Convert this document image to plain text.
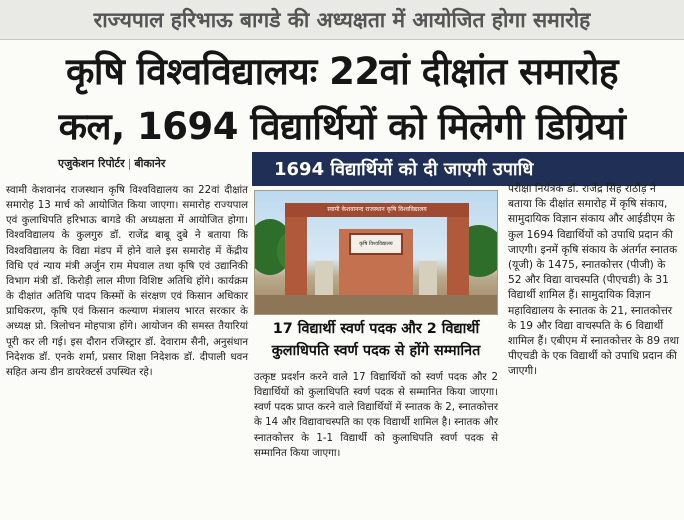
राज्यपाल हरिभाऊ बागडे की अध्यक्षता में आयोजित होगा समारोह
कृषि विश्वविद्यालयः 22वां दीक्षांत समारोह
कल, 1694 विद्यार्थियों को मिलेगी डिग्रियां
एजुकेशन रिपोर्टर | बीकानेर	1694 विद्यार्थियों को दी जाएगी उपाधि
स्वामी केशवानन्द राजस्थान कृषि विश्वविद्यालय
कृषि विश्वविद्यालय
17 विद्यार्थी स्वर्ण पदक और 2 विद्यार्थी
कुलाधिपति स्वर्ण पदक से होंगे सम्मानित
स्वामी केशवानंद राजस्थान कृषि विश्वविद्यालय का 22वां दीक्षांत समारोह 13 मार्च को आयोजित किया जाएगा। समारोह राज्यपाल एवं कुलाधिपति हरिभाऊ बागडे की अध्यक्षता में आयोजित होगा। विश्वविद्यालय के कुलगुरु डॉ. राजेंद्र बाबू दुबे ने बताया कि विश्वविद्यालय के विद्या मंडप में होने वाले इस समारोह में केंद्रीय विधि एवं न्याय मंत्री अर्जुन राम मेघवाल तथा कृषि एवं उद्यानिकी विभाग मंत्री डॉ. किरोड़ी लाल मीणा विशिष्ट अतिथि होंगे। कार्यक्रम के दीक्षांत अतिथि पादप किस्मों के संरक्षण एवं किसान अधिकार प्राधिकरण, कृषि एवं किसान कल्याण मंत्रालय भारत सरकार के अध्यक्ष प्रो. त्रिलोचन मोहपात्रा होंगे। आयोजन की समस्त तैयारियां पूरी कर ली गई। इस दौरान रजिस्ट्रार डॉ. देवाराम सैनी, अनुसंधान निदेशक डॉ. एनके शर्मा, प्रसार शिक्षा निदेशक डॉ. दीपाली धवन सहित अन्य डीन डायरेक्टर्स उपस्थित रहे।	उत्कृष्ट प्रदर्शन करने वाले 17 विद्यार्थियों को स्वर्ण पदक और 2 विद्यार्थियों को कुलाधिपति स्वर्ण पदक से सम्मानित किया जाएगा। स्वर्ण पदक प्राप्त करने वाले विद्यार्थियों में स्नातक के 2, स्नातकोत्तर के 14 और विद्यावाचस्पति का एक विद्यार्थी शामिल है। स्नातक और स्नातकोत्तर के 1-1 विद्यार्थी को कुलाधिपति स्वर्ण पदक से सम्मानित किया जाएगा।
परीक्षा नियंत्रक डॉ. राजेंद्र सिंह राठौड़ ने बताया कि दीक्षांत समारोह में कृषि संकाय, सामुदायिक विज्ञान संकाय और आईडीएम के कुल 1694 विद्यार्थियों को उपाधि प्रदान की जाएगी। इनमें कृषि संकाय के अंतर्गत स्नातक (यूजी) के 1475, स्नातकोत्तर (पीजी) के 52 और विद्या वाचस्पति (पीएचडी) के 31 विद्यार्थी शामिल हैं। सामुदायिक विज्ञान महाविद्यालय के स्नातक के 21, स्नातकोत्तर के 19 और विद्या वाचस्पति के 6 विद्यार्थी शामिल हैं। एबीएम में स्नातकोत्तर के 89 तथा पीएचडी के एक विद्यार्थी को उपाधि प्रदान की जाएगी।
